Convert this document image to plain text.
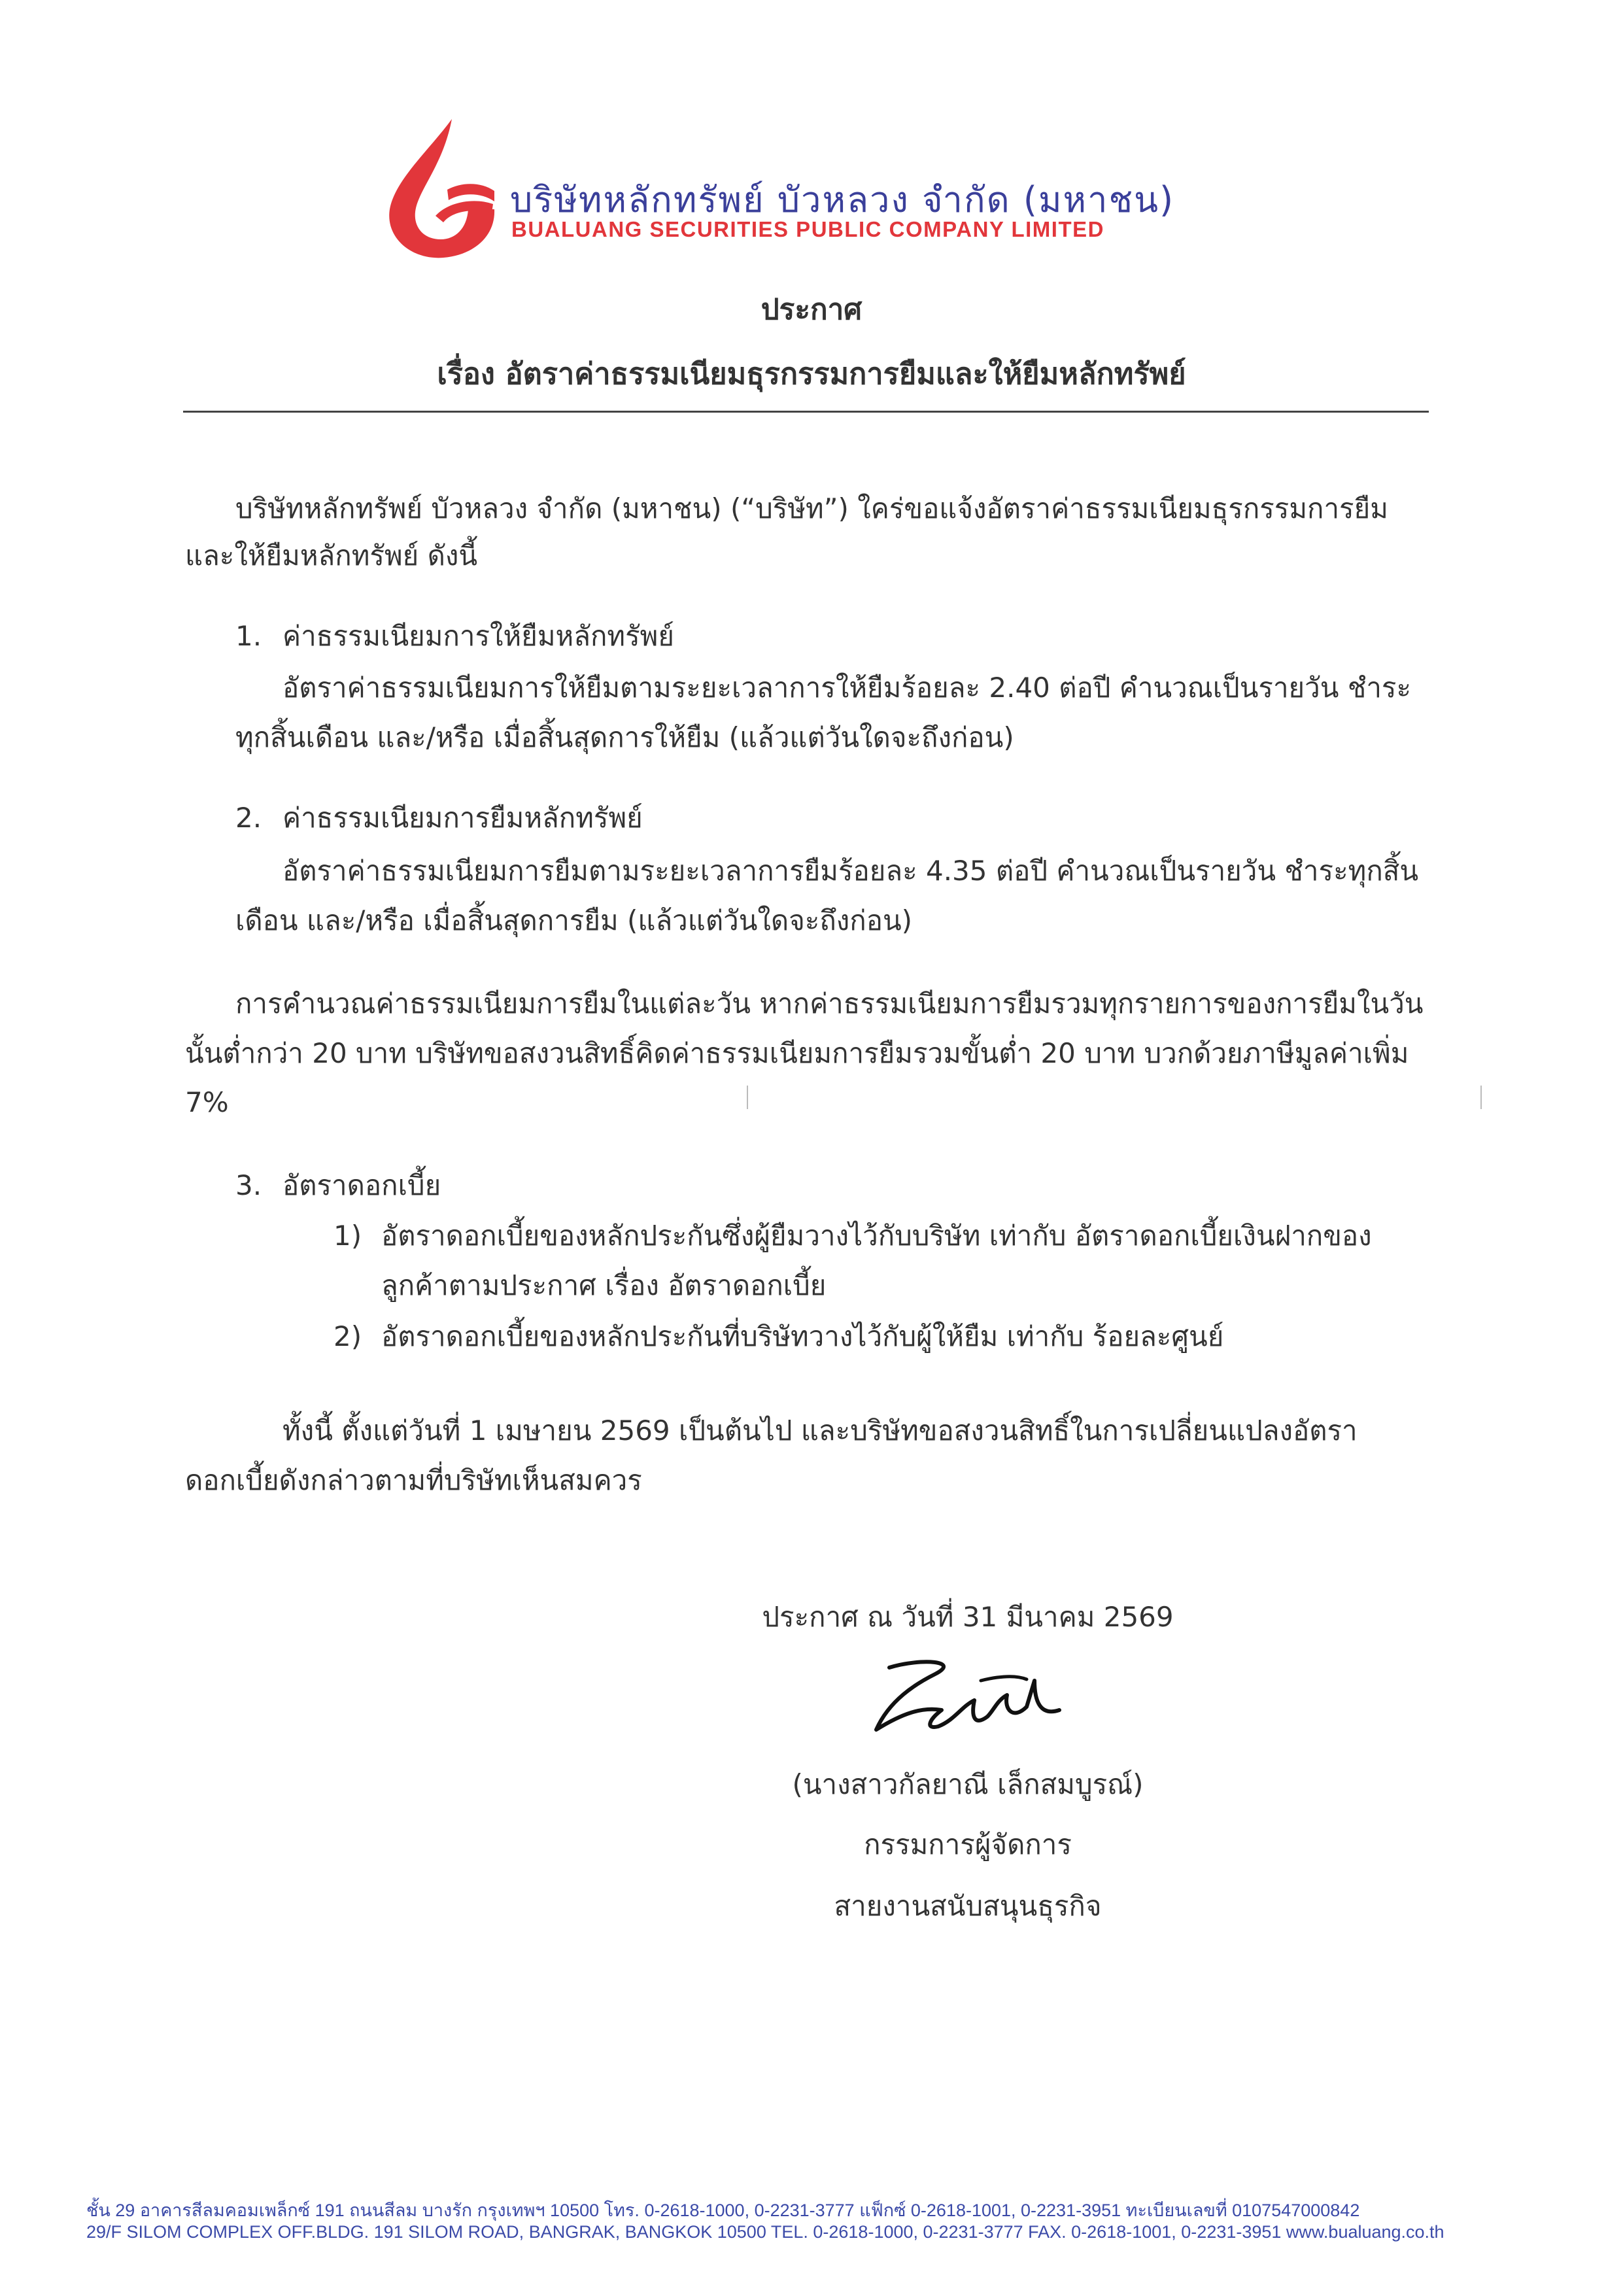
บริษัทหลักทรัพย์ บัวหลวง จำกัด (มหาชน)
BUALUANG SECURITIES PUBLIC COMPANY LIMITED
ประกาศ
เรื่อง อัตราค่าธรรมเนียมธุรกรรมการยืมและให้ยืมหลักทรัพย์
บริษัทหลักทรัพย์ บัวหลวง จำกัด (มหาชน) (“บริษัท”) ใคร่ขอแจ้งอัตราค่าธรรมเนียมธุรกรรมการยืม
และให้ยืมหลักทรัพย์ ดังนี้
1. ค่าธรรมเนียมการให้ยืมหลักทรัพย์
อัตราค่าธรรมเนียมการให้ยืมตามระยะเวลาการให้ยืมร้อยละ 2.40 ต่อปี คำนวณเป็นรายวัน ชำระ
ทุกสิ้นเดือน และ/หรือ เมื่อสิ้นสุดการให้ยืม (แล้วแต่วันใดจะถึงก่อน)
2. ค่าธรรมเนียมการยืมหลักทรัพย์
อัตราค่าธรรมเนียมการยืมตามระยะเวลาการยืมร้อยละ 4.35 ต่อปี คำนวณเป็นรายวัน ชำระทุกสิ้น
เดือน และ/หรือ เมื่อสิ้นสุดการยืม (แล้วแต่วันใดจะถึงก่อน)
การคำนวณค่าธรรมเนียมการยืมในแต่ละวัน หากค่าธรรมเนียมการยืมรวมทุกรายการของการยืมในวัน
นั้นต่ำกว่า 20 บาท บริษัทขอสงวนสิทธิ์คิดค่าธรรมเนียมการยืมรวมขั้นต่ำ 20 บาท บวกด้วยภาษีมูลค่าเพิ่ม
7%
3. อัตราดอกเบี้ย
1) อัตราดอกเบี้ยของหลักประกันซึ่งผู้ยืมวางไว้กับบริษัท เท่ากับ อัตราดอกเบี้ยเงินฝากของ
ลูกค้าตามประกาศ เรื่อง อัตราดอกเบี้ย
2) อัตราดอกเบี้ยของหลักประกันที่บริษัทวางไว้กับผู้ให้ยืม เท่ากับ ร้อยละศูนย์
ทั้งนี้ ตั้งแต่วันที่ 1 เมษายน 2569 เป็นต้นไป และบริษัทขอสงวนสิทธิ์ในการเปลี่ยนแปลงอัตรา
ดอกเบี้ยดังกล่าวตามที่บริษัทเห็นสมควร
ประกาศ ณ วันที่ 31 มีนาคม 2569
(นางสาวกัลยาณี เล็กสมบูรณ์)
กรรมการผู้จัดการ
สายงานสนับสนุนธุรกิจ
ชั้น 29 อาคารสีลมคอมเพล็กซ์ 191 ถนนสีลม บางรัก กรุงเทพฯ 10500 โทร. 0-2618-1000, 0-2231-3777 แฟ็กซ์ 0-2618-1001, 0-2231-3951 ทะเบียนเลขที่ 0107547000842
29/F SILOM COMPLEX OFF.BLDG. 191 SILOM ROAD, BANGRAK, BANGKOK 10500 TEL. 0-2618-1000, 0-2231-3777 FAX. 0-2618-1001, 0-2231-3951 www.bualuang.co.th
